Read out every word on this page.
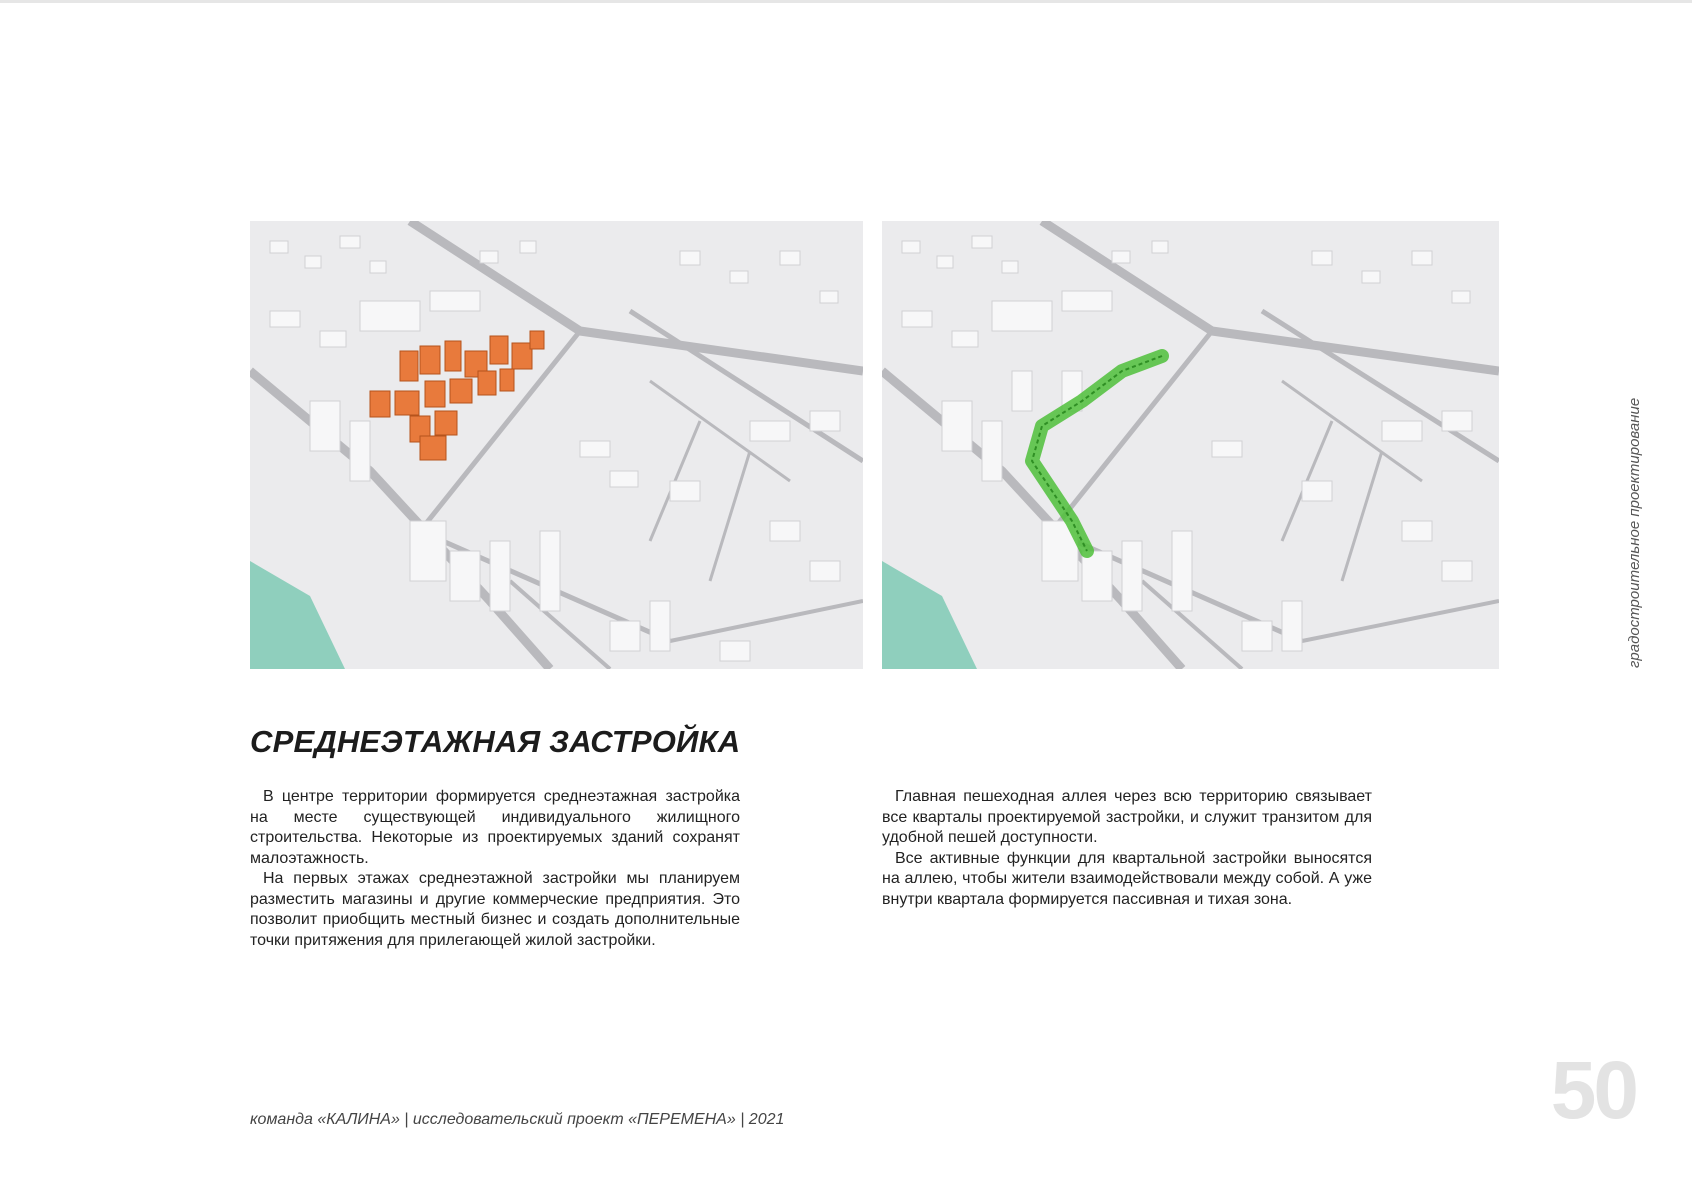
СРЕДНЕЭТАЖНАЯ ЗАСТРОЙКА

В центре территории формируется среднеэтажная застройка на месте существующей индивидуального жилищного строительства. Некоторые из проектируемых зданий сохранят малоэтажность.

На первых этажах среднеэтажной застройки мы планируем разместить магазины и другие коммерческие предприятия. Это позволит приобщить местный бизнес и создать дополнительные точки притяжения для прилегающей жилой застройки.

Главная пешеходная аллея через всю территорию связывает все кварталы проектируемой застройки, и служит транзитом для удобной пешей доступности.

Все активные функции для квартальной застройки выносятся на аллею, чтобы жители взаимодействовали между собой. А уже внутри квартала формируется пассивная и тихая зона.

градостроительное проектирование
команда «КАЛИНА» | исследовательский проект «ПЕРЕМЕНА» | 2021	50
